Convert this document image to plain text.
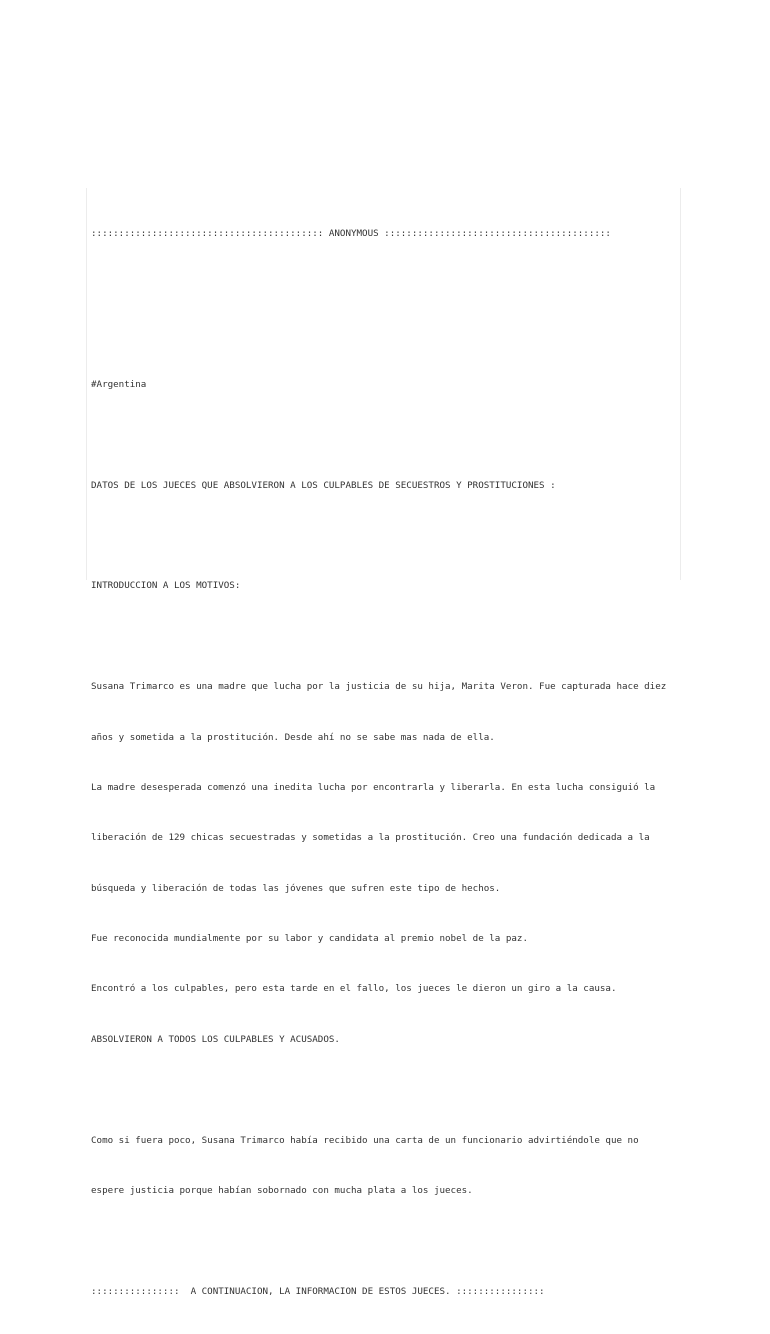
:::::::::::::::::::::::::::::::::::::::::: ANONYMOUS :::::::::::::::::::::::::::::::::::::::::

#Argentina

DATOS DE LOS JUECES QUE ABSOLVIERON A LOS CULPABLES DE SECUESTROS Y PROSTITUCIONES :

INTRODUCCION A LOS MOTIVOS:

Susana Trimarco es una madre que lucha por la justicia de su hija, Marita Veron. Fue capturada hace diez

años y sometida a la prostitución. Desde ahí no se sabe mas nada de ella.

La madre desesperada comenzó una inedita lucha por encontrarla y liberarla. En esta lucha consiguió la

liberación de 129 chicas secuestradas y sometidas a la prostitución. Creo una fundación dedicada a la

búsqueda y liberación de todas las jóvenes que sufren este tipo de hechos.

Fue reconocida mundialmente por su labor y candidata al premio nobel de la paz.

Encontró a los culpables, pero esta tarde en el fallo, los jueces le dieron un giro a la causa.

ABSOLVIERON A TODOS LOS CULPABLES Y ACUSADOS.

Como si fuera poco, Susana Trimarco había recibido una carta de un funcionario advirtiéndole que no

espere justicia porque habían sobornado con mucha plata a los jueces.

::::::::::::::::  A CONTINUACION, LA INFORMACION DE ESTOS JUECES. ::::::::::::::::
